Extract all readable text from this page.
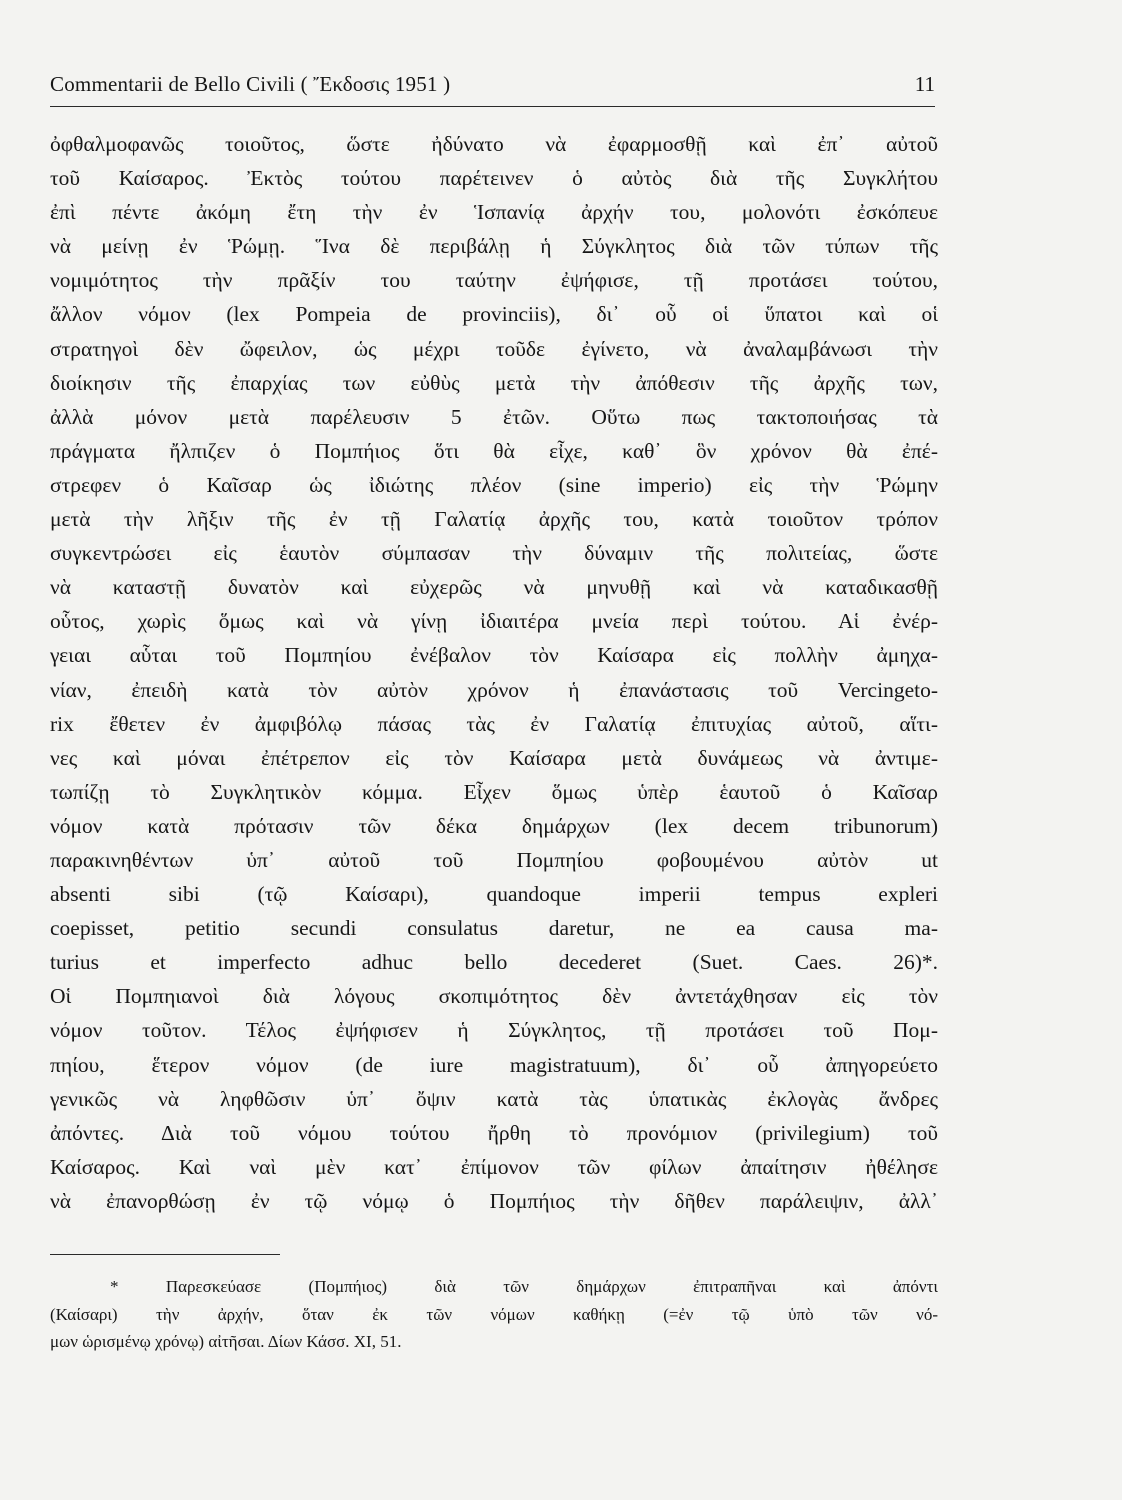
Commentarii de Bello Civili ( Ἔκδοσις 1951 )	11
ὀφθαλμοφανῶς τοιοῦτος, ὥστε ἠδύνατο νὰ ἐφαρμοσθῇ καὶ ἐπ᾿ αὐτοῦ
τοῦ Καίσαρος. Ἐκτὸς τούτου παρέτεινεν ὁ αὐτὸς διὰ τῆς Συγκλήτου
ἐπὶ πέντε ἀκόμη ἔτη τὴν ἐν Ἱσπανίᾳ ἀρχήν του, μολονότι ἐσκόπευε
νὰ μείνῃ ἐν Ῥώμῃ. Ἵνα δὲ περιβάλῃ ἡ Σύγκλητος διὰ τῶν τύπων τῆς
νομιμότητος τὴν πρᾶξίν του ταύτην ἐψήφισε, τῇ προτάσει τούτου,
ἄλλον νόμον (lex Pompeia de provinciis), δι᾿ οὗ οἱ ὕπατοι καὶ οἱ
στρατηγοὶ δὲν ὤφειλον, ὡς μέχρι τοῦδε ἐγίνετο, νὰ ἀναλαμβάνωσι τὴν
διοίκησιν τῆς ἐπαρχίας των εὐθὺς μετὰ τὴν ἀπόθεσιν τῆς ἀρχῆς των,
ἀλλὰ μόνον μετὰ παρέλευσιν 5 ἐτῶν. Οὕτω πως τακτοποιήσας τὰ
πράγματα ἤλπιζεν ὁ Πομπήιος ὅτι θὰ εἶχε, καθ᾿ ὃν χρόνον θὰ ἐπέ-
στρεφεν ὁ Καῖσαρ ὡς ἰδιώτης πλέον (sine imperio) εἰς τὴν Ῥώμην
μετὰ τὴν λῆξιν τῆς ἐν τῇ Γαλατίᾳ ἀρχῆς του, κατὰ τοιοῦτον τρόπον
συγκεντρώσει εἰς ἑαυτὸν σύμπασαν τὴν δύναμιν τῆς πολιτείας, ὥστε
νὰ καταστῇ δυνατὸν καὶ εὐχερῶς νὰ μηνυθῇ καὶ νὰ καταδικασθῇ
οὗτος, χωρὶς ὅμως καὶ νὰ γίνῃ ἰδιαιτέρα μνεία περὶ τούτου. Αἱ ἐνέρ-
γειαι αὗται τοῦ Πομπηίου ἐνέβαλον τὸν Καίσαρα εἰς πολλὴν ἀμηχα-
νίαν, ἐπειδὴ κατὰ τὸν αὐτὸν χρόνον ἡ ἐπανάστασις τοῦ Vercingeto-
rix ἔθετεν ἐν ἀμφιβόλῳ πάσας τὰς ἐν Γαλατίᾳ ἐπιτυχίας αὐτοῦ, αἵτι-
νες καὶ μόναι ἐπέτρεπον εἰς τὸν Καίσαρα μετὰ δυνάμεως νὰ ἀντιμε-
τωπίζῃ τὸ Συγκλητικὸν κόμμα. Εἶχεν ὅμως ὑπὲρ ἑαυτοῦ ὁ Καῖσαρ
νόμον κατὰ πρότασιν τῶν δέκα δημάρχων (lex decem tribunorum)
παρακινηθέντων ὑπ᾿ αὐτοῦ τοῦ Πομπηίου φοβουμένου αὐτὸν ut
absenti sibi (τῷ Καίσαρι), quandoque imperii tempus expleri
coepisset, petitio secundi consulatus daretur, ne ea causa ma-
turius et imperfecto adhuc bello decederet (Suet. Caes. 26)*.
Οἱ Πομπηιανοὶ διὰ λόγους σκοπιμότητος δὲν ἀντετάχθησαν εἰς τὸν
νόμον τοῦτον. Τέλος ἐψήφισεν ἡ Σύγκλητος, τῇ προτάσει τοῦ Πομ-
πηίου, ἕτερον νόμον (de iure magistratuum), δι᾿ οὗ ἀπηγορεύετο
γενικῶς νὰ ληφθῶσιν ὑπ᾿ ὄψιν κατὰ τὰς ὑπατικὰς ἐκλογὰς ἄνδρες
ἀπόντες. Διὰ τοῦ νόμου τούτου ἤρθη τὸ προνόμιον (privilegium) τοῦ
Καίσαρος. Καὶ ναὶ μὲν κατ᾿ ἐπίμονον τῶν φίλων ἀπαίτησιν ἠθέλησε
νὰ ἐπανορθώσῃ ἐν τῷ νόμῳ ὁ Πομπήιος τὴν δῆθεν παράλειψιν, ἀλλ᾿
* Παρεσκεύασε (Πομπήιος) διὰ τῶν δημάρχων ἐπιτραπῆναι καὶ ἀπόντι
(Καίσαρι) τὴν ἀρχήν, ὅταν ἐκ τῶν νόμων καθήκῃ (=ἐν τῷ ὑπὸ τῶν νό-
μων ὡρισμένῳ χρόνῳ) αἰτῆσαι. Δίων Κάσσ. XI, 51.
